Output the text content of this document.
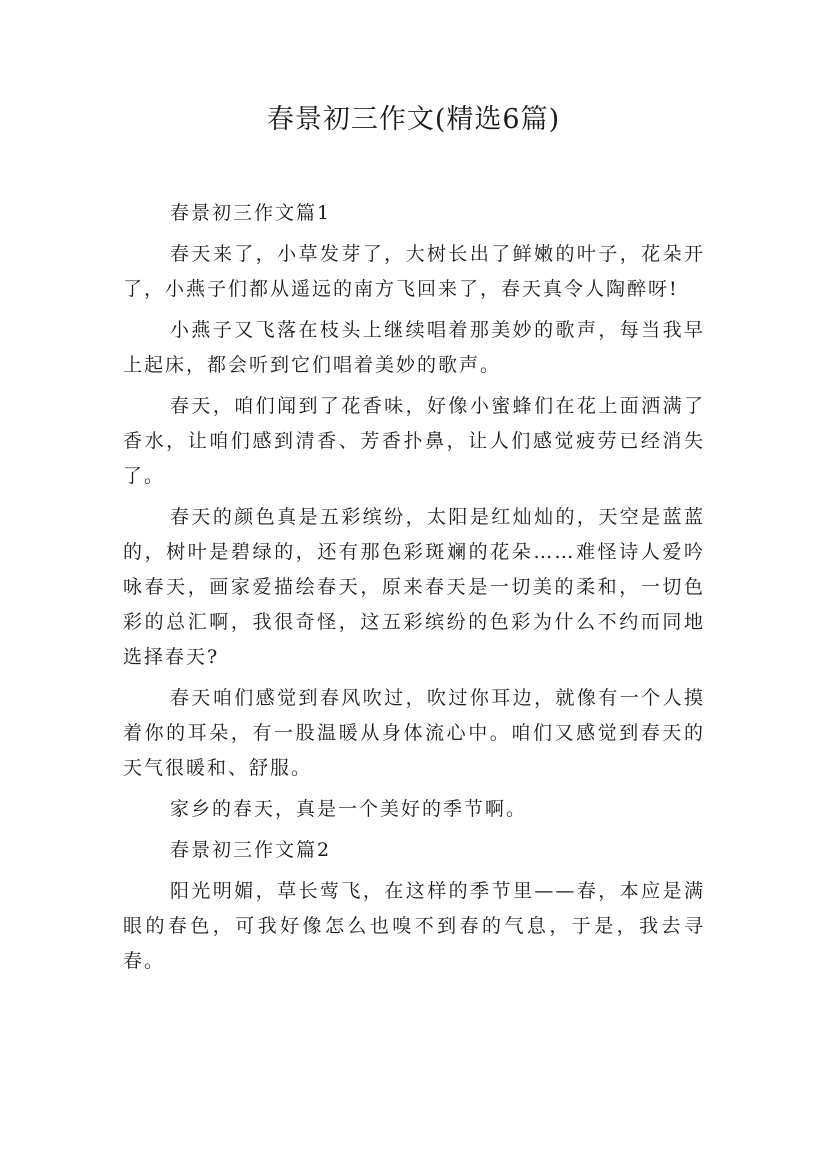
春景初三作文(精选6篇)

春景初三作文篇1

春天来了，小草发芽了，大树长出了鲜嫩的叶子，花朵开了，小燕子们都从遥远的南方飞回来了，春天真令人陶醉呀!

小燕子又飞落在枝头上继续唱着那美妙的歌声，每当我早上起床，都会听到它们唱着美妙的歌声。

春天，咱们闻到了花香味，好像小蜜蜂们在花上面洒满了香水，让咱们感到清香、芳香扑鼻，让人们感觉疲劳已经消失了。

春天的颜色真是五彩缤纷，太阳是红灿灿的，天空是蓝蓝的，树叶是碧绿的，还有那色彩斑斓的花朵……难怪诗人爱吟咏春天，画家爱描绘春天，原来春天是一切美的柔和，一切色彩的总汇啊，我很奇怪，这五彩缤纷的色彩为什么不约而同地选择春天?

春天咱们感觉到春风吹过，吹过你耳边，就像有一个人摸着你的耳朵，有一股温暖从身体流心中。咱们又感觉到春天的天气很暖和、舒服。

家乡的春天，真是一个美好的季节啊。

春景初三作文篇2

阳光明媚，草长莺飞，在这样的季节里——春，本应是满眼的春色，可我好像怎么也嗅不到春的气息，于是，我去寻春。
